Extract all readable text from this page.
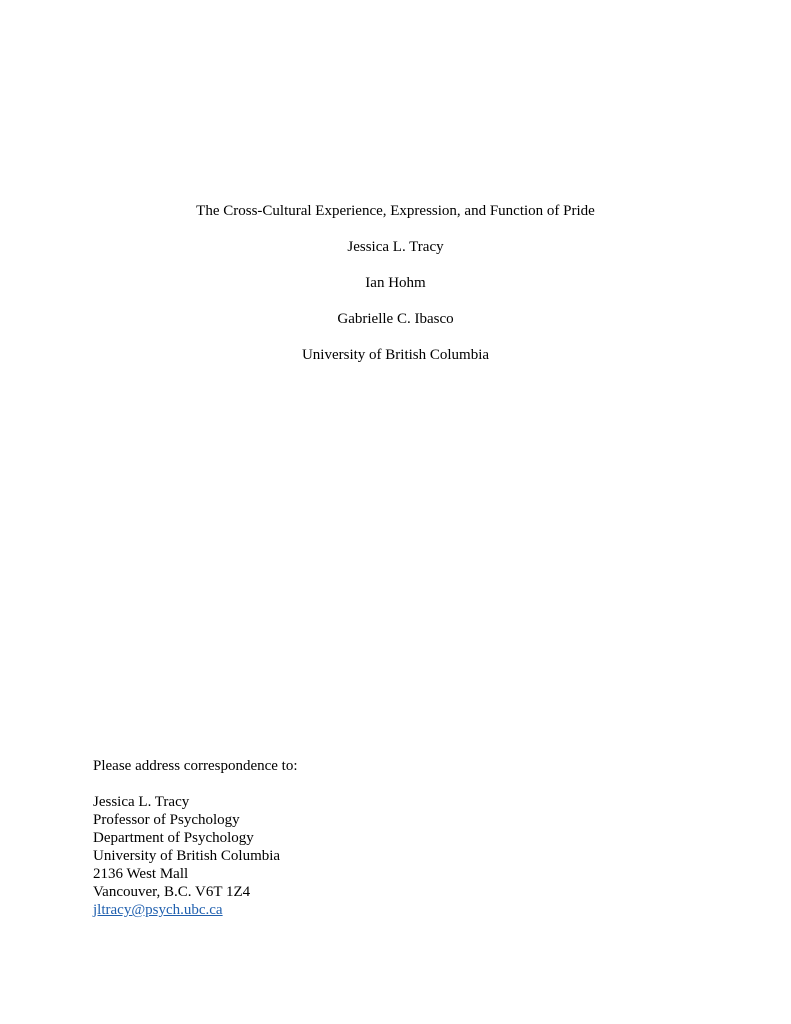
The Cross-Cultural Experience, Expression, and Function of Pride
Jessica L. Tracy
Ian Hohm
Gabrielle C. Ibasco
University of British Columbia
Please address correspondence to:
Jessica L. Tracy
Professor of Psychology
Department of Psychology
University of British Columbia
2136 West Mall
Vancouver, B.C. V6T 1Z4
jltracy@psych.ubc.ca
